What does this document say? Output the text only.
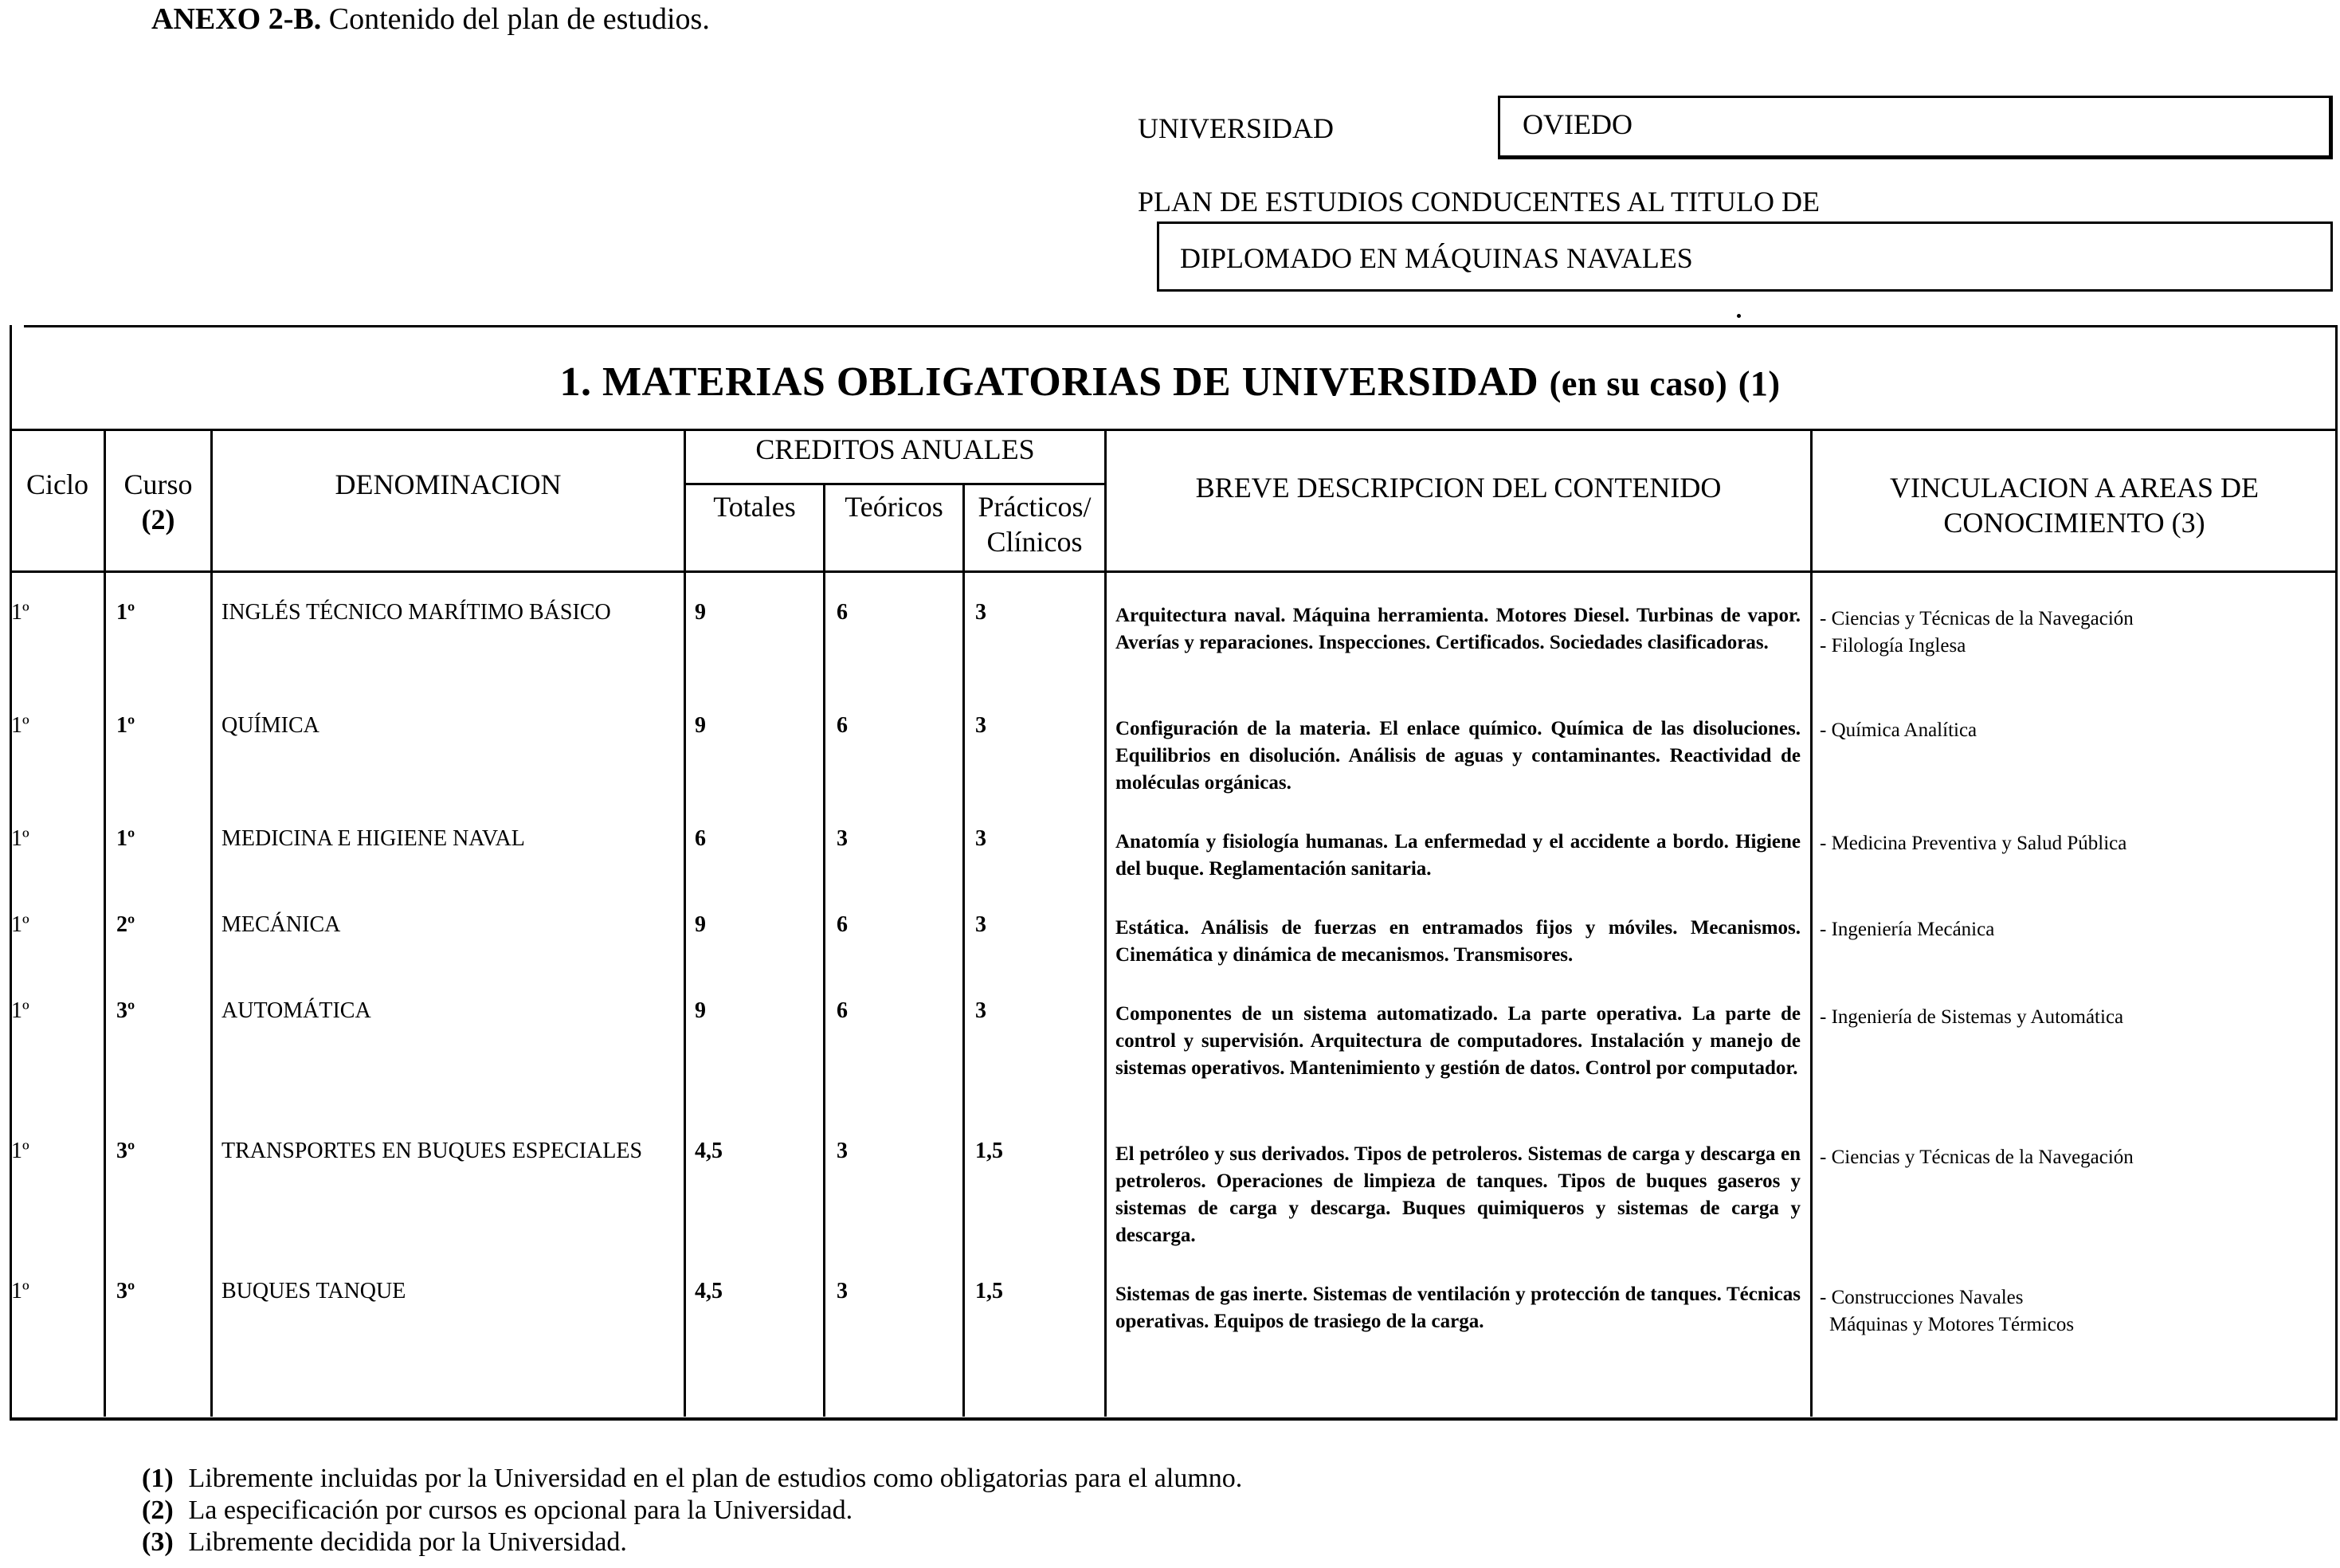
ANEXO 2-B. Contenido del plan de estudios.
UNIVERSIDAD	OVIEDO
PLAN DE ESTUDIOS CONDUCENTES AL TITULO DE
DIPLOMADO EN MÁQUINAS NAVALES
1. MATERIAS OBLIGATORIAS DE UNIVERSIDAD (en su caso) (1)
Ciclo	Curso
(2)
DENOMINACION
CREDITOS ANUALES
Totales	Teóricos	Prácticos/
Clínicos
BREVE DESCRIPCION DEL CONTENIDO	VINCULACION A AREAS DE
CONOCIMIENTO (3)
1º	1º	INGLÉS TÉCNICO MARÍTIMO BÁSICO	9	6	3	Arquitectura naval. Máquina herramienta. Motores Diesel. Turbinas de vapor. Averías y reparaciones. Inspecciones. Certificados. Sociedades clasificadoras.
- Ciencias y Técnicas de la Navegación
- Filología Inglesa
1º	1º	QUÍMICA	9	6	3	Configuración de la materia. El enlace químico. Química de las disoluciones. Equilibrios en disolución. Análisis de aguas y contaminantes. Reactividad de moléculas orgánicas.
- Química Analítica
1º	1º	MEDICINA E HIGIENE NAVAL	6	3	3	Anatomía y fisiología humanas. La enfermedad y el accidente a bordo. Higiene del buque. Reglamentación sanitaria.
- Medicina Preventiva y Salud Pública
1º	2º	MECÁNICA	9	6	3	Estática. Análisis de fuerzas en entramados fijos y móviles. Mecanismos. Cinemática y dinámica de mecanismos. Transmisores.
- Ingeniería Mecánica
1º	3º	AUTOMÁTICA	9	6	3	Componentes de un sistema automatizado. La parte operativa. La parte de control y supervisión. Arquitectura de computadores. Instalación y manejo de sistemas operativos. Mantenimiento y gestión de datos. Control por computador.
- Ingeniería de Sistemas y Automática
1º	3º	TRANSPORTES EN BUQUES ESPECIALES 4,5	3	1,5	El petróleo y sus derivados. Tipos de petroleros. Sistemas de carga y descarga en petroleros. Operaciones de limpieza de tanques. Tipos de buques gaseros y sistemas de carga y descarga. Buques quimiqueros y sistemas de carga y descarga.
- Ciencias y Técnicas de la Navegación
1º	3º	BUQUES TANQUE	4,5	3	1,5	Sistemas de gas inerte. Sistemas de ventilación y protección de tanques. Técnicas operativas. Equipos de trasiego de la carga.
- Construcciones Navales
Máquinas y Motores Térmicos
(1) Libremente incluidas por la Universidad en el plan de estudios como obligatorias para el alumno.
(2) La especificación por cursos es opcional para la Universidad.
(3) Libremente decidida por la Universidad.
